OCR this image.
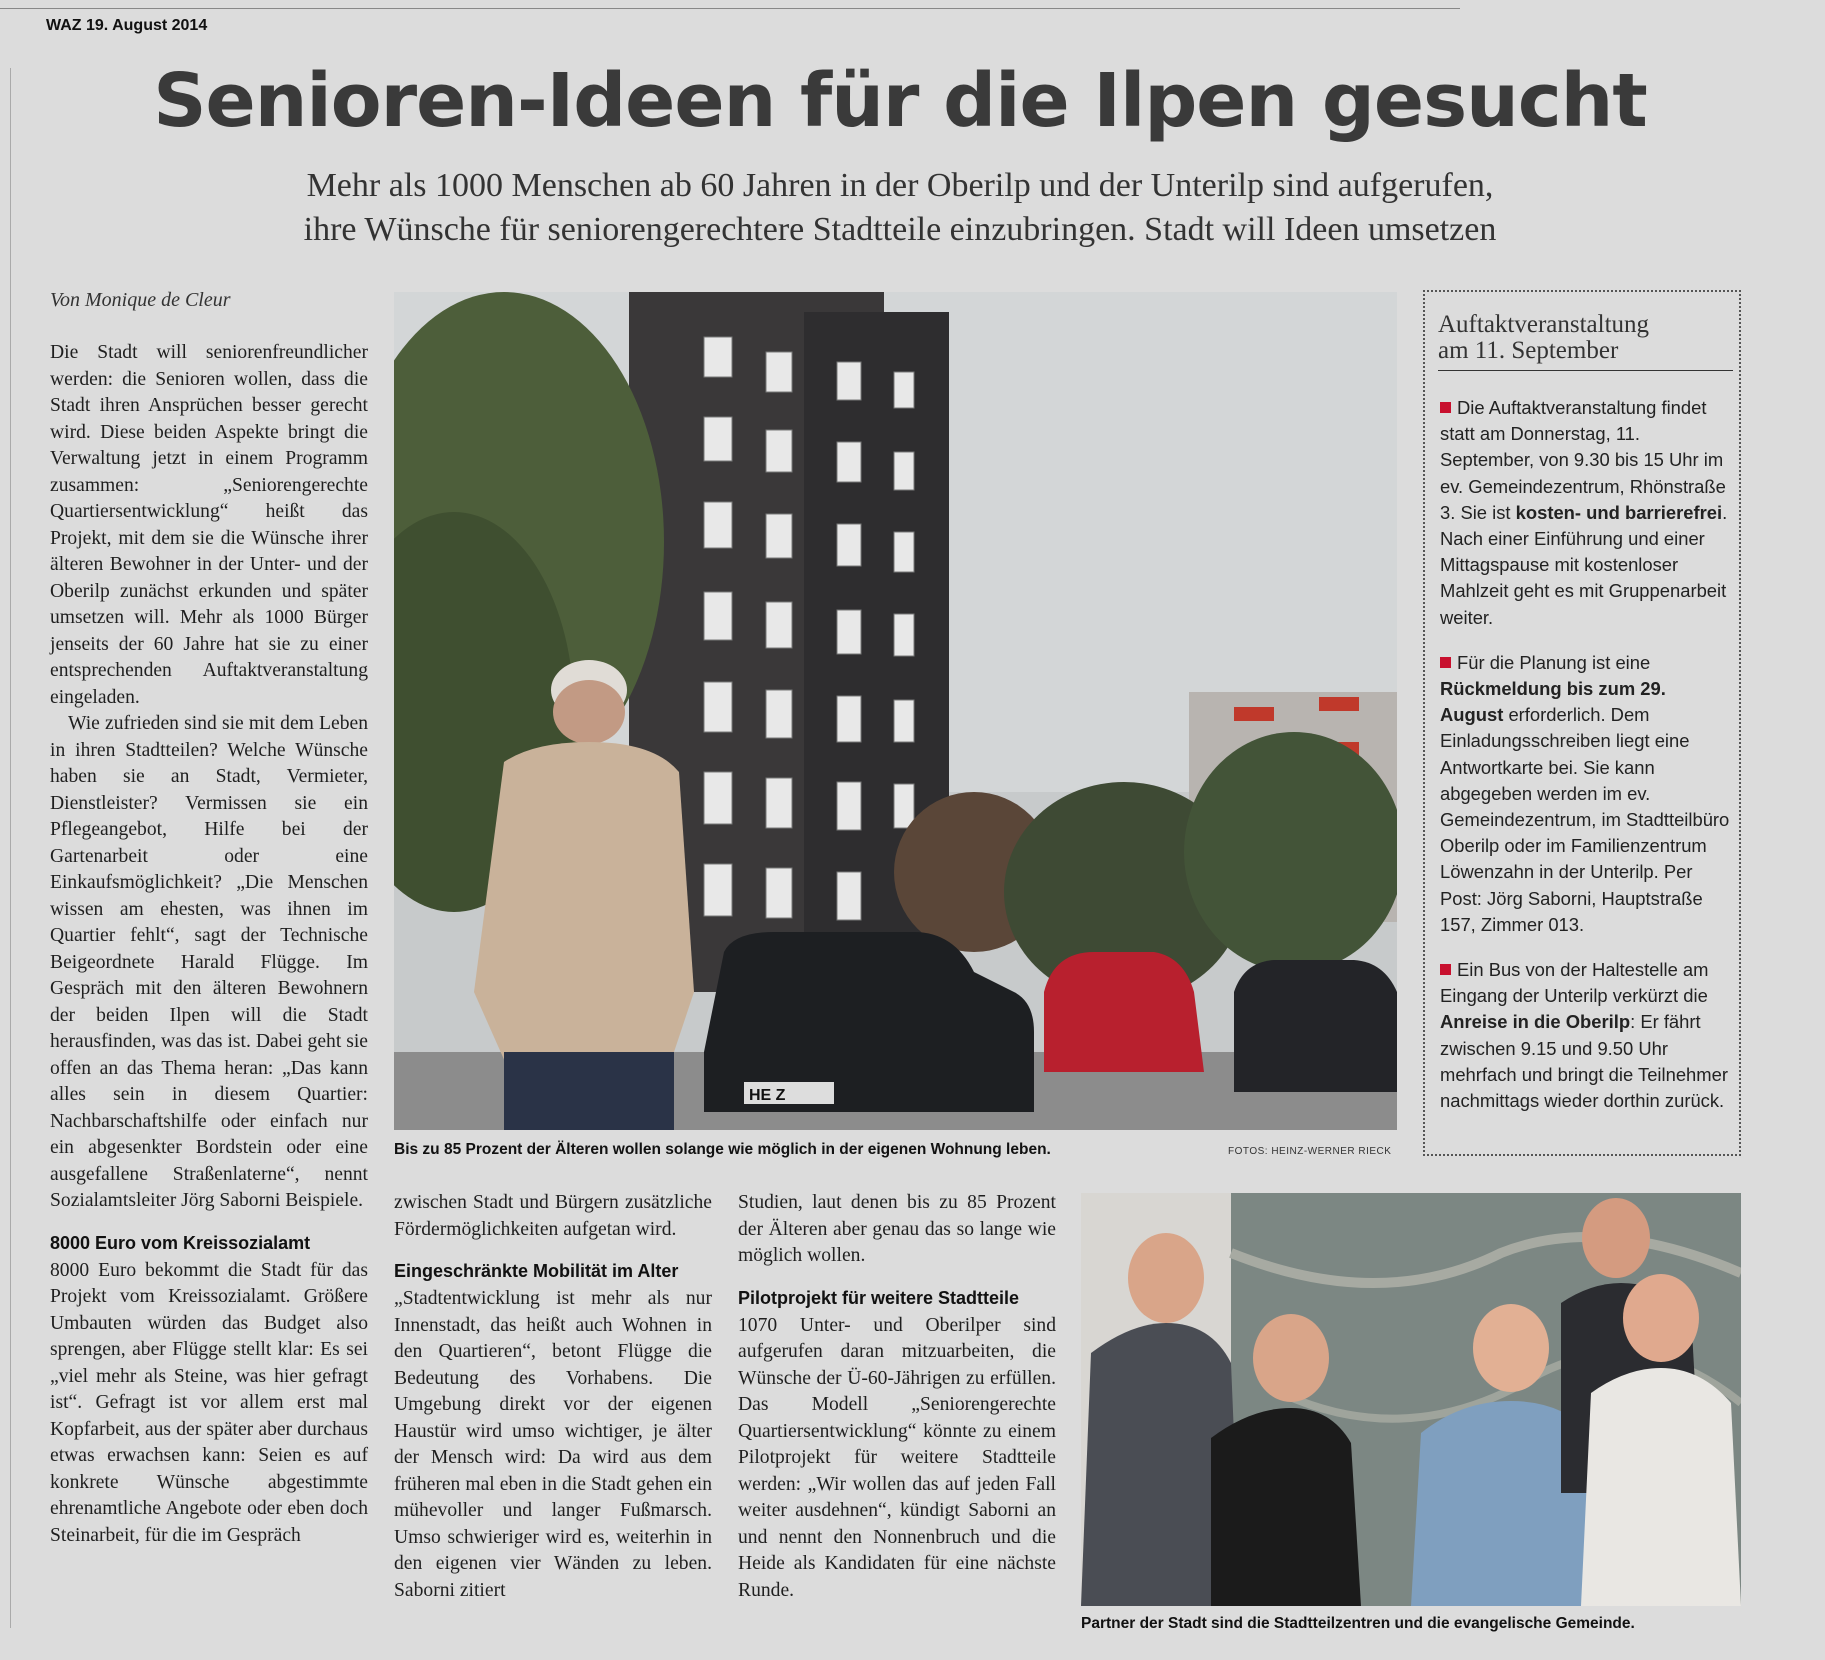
WAZ 19. August 2014
Senioren-Ideen für die Ilpen gesucht
Mehr als 1000 Menschen ab 60 Jahren in der Oberilp und der Unterilp sind aufgerufen,
ihre Wünsche für seniorengerechtere Stadtteile einzubringen. Stadt will Ideen umsetzen
Von Monique de Cleur

Die Stadt will seniorenfreundlicher werden: die Senioren wollen, dass die Stadt ihren Ansprüchen besser gerecht wird. Diese beiden Aspekte bringt die Verwaltung jetzt in einem Programm zusammen: „Seniorengerechte Quartiersentwicklung“ heißt das Projekt, mit dem sie die Wünsche ihrer älteren Bewohner in der Unter- und der Oberilp zunächst erkunden und später umsetzen will. Mehr als 1000 Bürger jenseits der 60 Jahre hat sie zu einer entsprechenden Auftaktveranstaltung eingeladen.

Wie zufrieden sind sie mit dem Leben in ihren Stadtteilen? Welche Wünsche haben sie an Stadt, Vermieter, Dienstleister? Vermissen sie ein Pflegeangebot, Hilfe bei der Gartenarbeit oder eine Einkaufsmöglichkeit? „Die Menschen wissen am ehesten, was ihnen im Quartier fehlt“, sagt der Technische Beigeordnete Harald Flügge. Im Gespräch mit den älteren Bewohnern der beiden Ilpen will die Stadt herausfinden, was das ist. Dabei geht sie offen an das Thema heran: „Das kann alles sein in diesem Quartier: Nachbarschaftshilfe oder einfach nur ein abgesenkter Bordstein oder eine ausgefallene Straßenlaterne“, nennt Sozialamtsleiter Jörg Saborni Beispiele.

8000 Euro vom Kreissozialamt

8000 Euro bekommt die Stadt für das Projekt vom Kreissozialamt. Größere Umbauten würden das Budget also sprengen, aber Flügge stellt klar: Es sei „viel mehr als Steine, was hier gefragt ist“. Gefragt ist vor allem erst mal Kopfarbeit, aus der später aber durchaus etwas erwachsen kann: Seien es auf konkrete Wünsche abgestimmte ehrenamtliche Angebote oder eben doch Steinarbeit, für die im Gespräch

zwischen Stadt und Bürgern zusätzliche Fördermöglichkeiten aufgetan wird.

Eingeschränkte Mobilität im Alter

„Stadtentwicklung ist mehr als nur Innenstadt, das heißt auch Wohnen in den Quartieren“, betont Flügge die Bedeutung des Vorhabens. Die Umgebung direkt vor der eigenen Haustür wird umso wichtiger, je älter der Mensch wird: Da wird aus dem früheren mal eben in die Stadt gehen ein mühevoller und langer Fußmarsch. Umso schwieriger wird es, weiterhin in den eigenen vier Wänden zu leben. Saborni zitiert

Studien, laut denen bis zu 85 Prozent der Älteren aber genau das so lange wie möglich wollen.

Pilotprojekt für weitere Stadtteile

1070 Unter- und Oberilper sind aufgerufen daran mitzuarbeiten, die Wünsche der Ü-60-Jährigen zu erfüllen. Das Modell „Seniorengerechte Quartiersentwicklung“ könnte zu einem Pilotprojekt für weitere Stadtteile werden: „Wir wollen das auf jeden Fall weiter ausdehnen“, kündigt Saborni an und nennt den Nonnenbruch und die Heide als Kandidaten für eine nächste Runde.

HE Z
Bis zu 85 Prozent der Älteren wollen solange wie möglich in der eigenen Wohnung leben.	FOTOS: HEINZ-WERNER RIECK
Partner der Stadt sind die Stadtteilzentren und die evangelische Gemeinde.
Auftaktveranstaltung
am 11. September

Die Auftaktveranstaltung findet statt am Donnerstag, 11. September, von 9.30 bis 15 Uhr im ev. Gemeindezentrum, Rhönstraße 3. Sie ist kosten- und barrierefrei. Nach einer Einführung und einer Mittagspause mit kostenloser Mahlzeit geht es mit Gruppenarbeit weiter.

Für die Planung ist eine Rückmeldung bis zum 29. August erforderlich. Dem Einladungsschreiben liegt eine Antwortkarte bei. Sie kann abgegeben werden im ev. Gemeindezentrum, im Stadtteilbüro Oberilp oder im Familienzentrum Löwenzahn in der Unterilp. Per Post: Jörg Saborni, Hauptstraße 157, Zimmer 013.

Ein Bus von der Haltestelle am Eingang der Unterilp verkürzt die Anreise in die Oberilp: Er fährt zwischen 9.15 und 9.50 Uhr mehrfach und bringt die Teilnehmer nachmittags wieder dorthin zurück.
